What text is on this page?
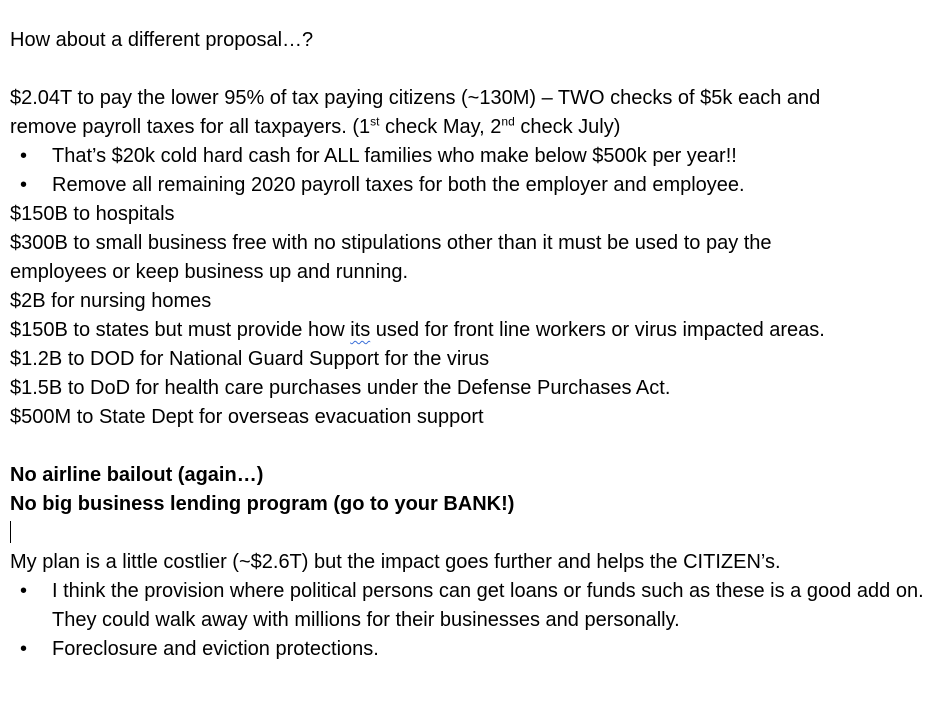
How about a different proposal…?

$2.04T to pay the lower 95% of tax paying citizens (~130M) – TWO checks of $5k each and remove payroll taxes for all taxpayers. (1st check May, 2nd check July)

• That’s $20k cold hard cash for ALL families who make below $500k per year!!
• Remove all remaining 2020 payroll taxes for both the employer and employee.

$150B to hospitals

$300B to small business free with no stipulations other than it must be used to pay the

employees or keep business up and running.

$2B for nursing homes

$150B to states but must provide how its used for front line workers or virus impacted areas.

$1.2B to DOD for National Guard Support for the virus

$1.5B to DoD for health care purchases under the Defense Purchases Act.

$500M to State Dept for overseas evacuation support

No airline bailout (again…)

No big business lending program (go to your BANK!)

My plan is a little costlier (~$2.6T) but the impact goes further and helps the CITIZEN’s.

• I think the provision where political persons can get loans or funds such as these is a good add on. They could walk away with millions for their businesses and personally.
• Foreclosure and eviction protections.
